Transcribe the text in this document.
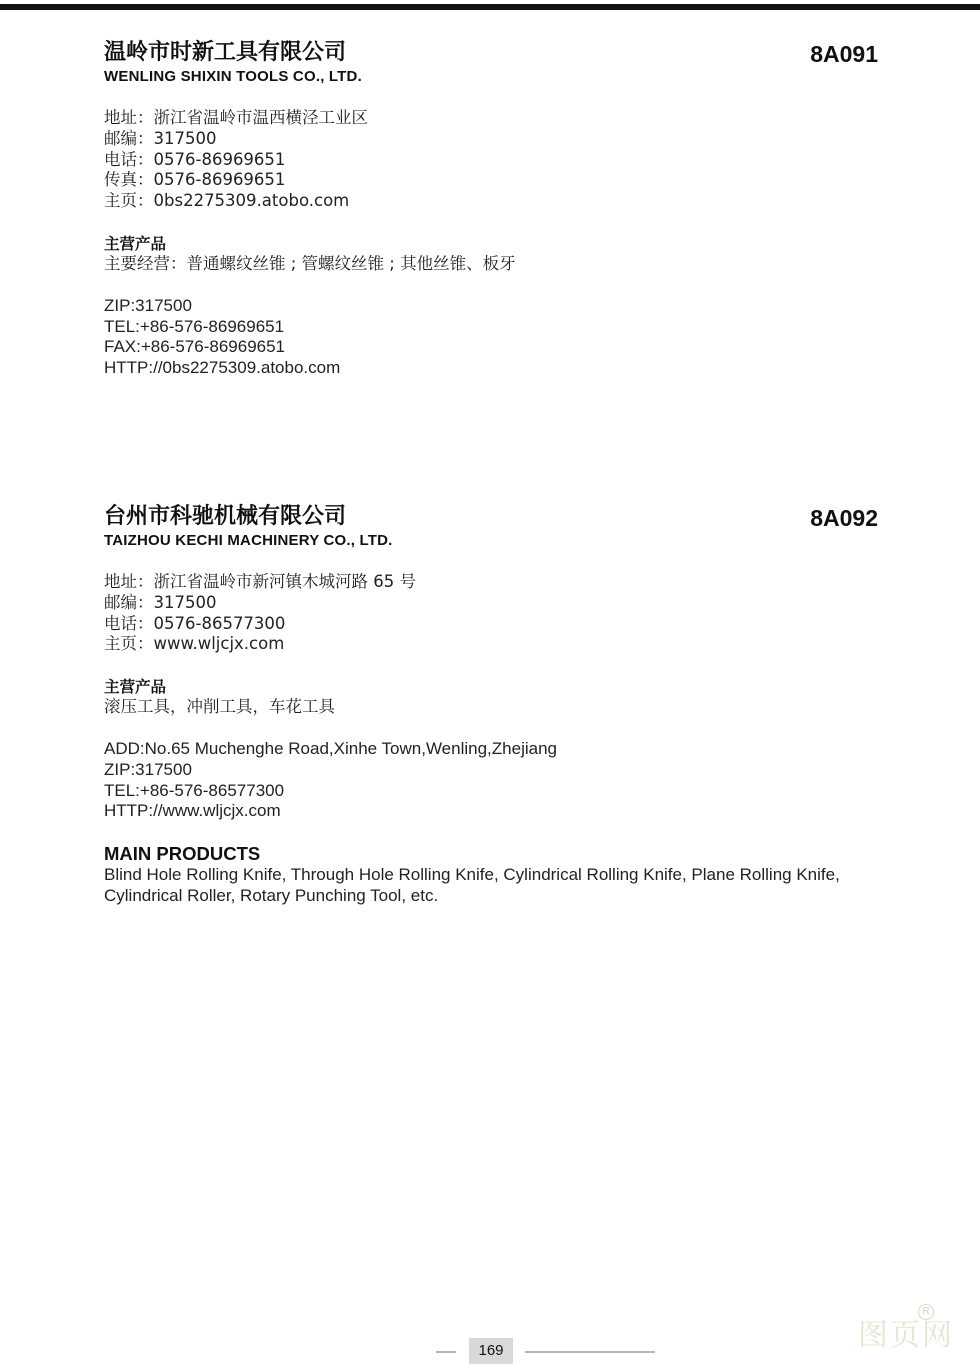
温岭市时新工具有限公司	8A091
WENLING SHIXIN TOOLS CO., LTD.
地址：浙江省温岭市温西横泾工业区
邮编：317500
电话：0576-86969651
传真：0576-86969651
主页：0bs2275309.atobo.com
主营产品
主要经营：普通螺纹丝锥 ; 管螺纹丝锥 ; 其他丝锥、板牙
ZIP:317500
TEL:+86-576-86969651
FAX:+86-576-86969651
HTTP://0bs2275309.atobo.com
台州市科驰机械有限公司	8A092
TAIZHOU KECHI MACHINERY CO., LTD.
地址：浙江省温岭市新河镇木城河路 65 号
邮编：317500
电话：0576-86577300
主页：www.wljcjx.com
主营产品
滚压工具，冲削工具，车花工具
ADD:No.65 Muchenghe Road,Xinhe Town,Wenling,Zhejiang
ZIP:317500
TEL:+86-576-86577300
HTTP://www.wljcjx.com
MAIN PRODUCTS
Blind Hole Rolling Knife, Through Hole Rolling Knife, Cylindrical Rolling Knife, Plane Rolling Knife, Cylindrical Roller, Rotary Punching Tool, etc.
169	图页网
R
